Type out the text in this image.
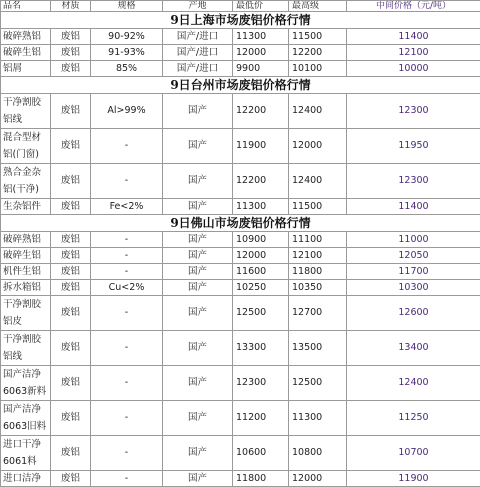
品名	材质	规格	产地	最低价	最高级	中间价格（元/吨）
9日上海市场废铝价格行情						
破碎熟铝	废铝	90-92%	国产/进口	11300	11500	11400
破碎生铝	废铝	91-93%	国产/进口	12000	12200	12100
铝屑	废铝	85%	国产/进口	9900	10100	10000
9日台州市场废铝价格行情						
干净割胶铝线	废铝	Al>99%	国产	12200	12400	12300
混合型材铝(门窗)	废铝	-	国产	11900	12000	11950
熟合金杂铝(干净)	废铝	-	国产	12200	12400	12300
生杂铝件	废铝	Fe<2%	国产	11300	11500	11400
9日佛山市场废铝价格行情						
破碎熟铝	废铝	-	国产	10900	11100	11000
破碎生铝	废铝	-	国产	12000	12100	12050
机件生铝	废铝	-	国产	11600	11800	11700
拆水箱铝	废铝	Cu<2%	国产	10250	10350	10300
干净割胶铝皮	废铝	-	国产	12500	12700	12600
干净割胶铝线	废铝	-	国产	13300	13500	13400
国产洁净6063新料	废铝	-	国产	12300	12500	12400
国产洁净6063旧料	废铝	-	国产	11200	11300	11250
进口干净6061料	废铝	-	国产	10600	10800	10700
进口洁净	废铝	-	国产	11800	12000	11900
